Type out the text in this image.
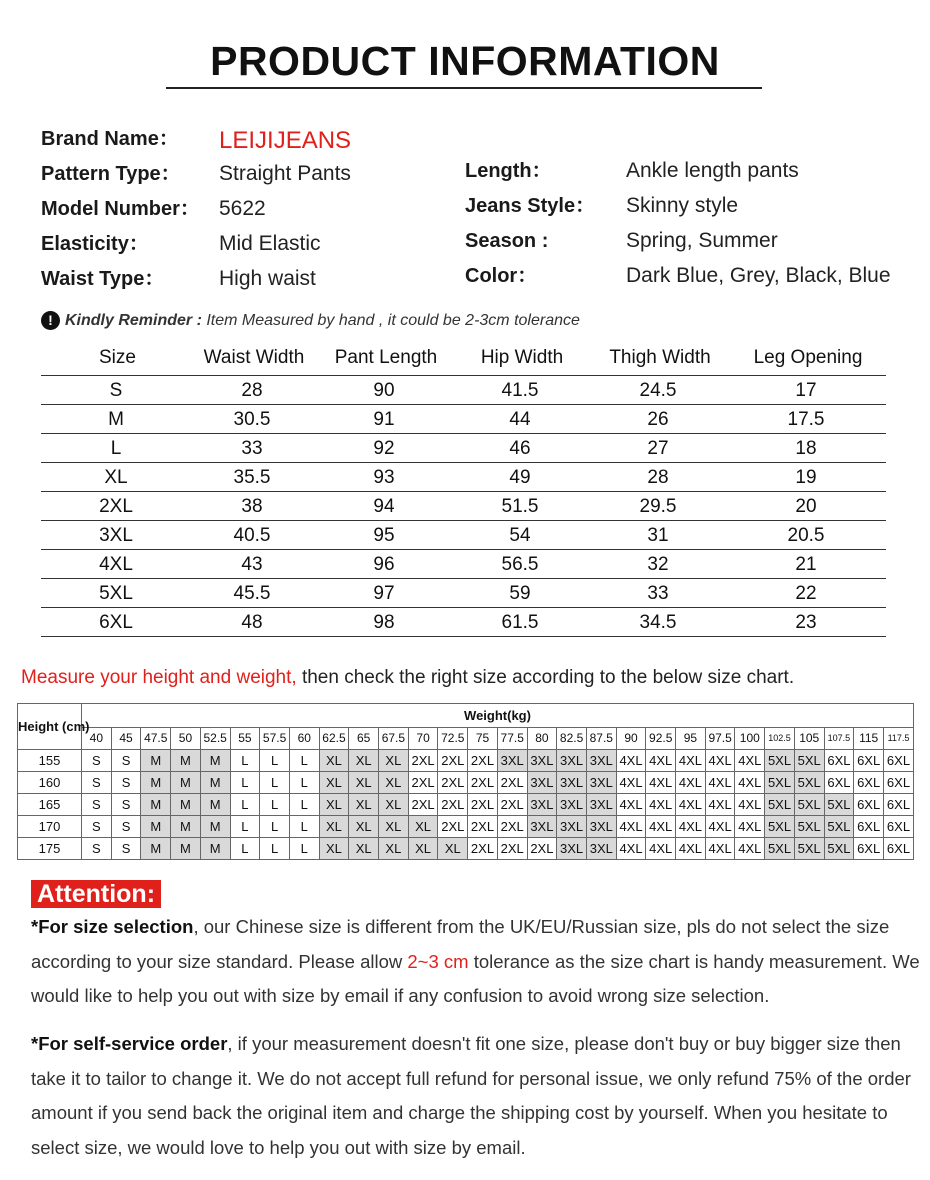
PRODUCT INFORMATION
Brand Name： LEIJIJEANS
Pattern Type： Straight Pants
Model Number： 5622
Elasticity：	Mid Elastic
Waist Type：	High waist
Length：	Ankle length pants
Jeans Style： Skinny style
Season :	Spring, Summer
Color：	Dark Blue, Grey, Black, Blue
! Kindly Reminder : Item Measured by hand , it could be 2-3cm tolerance
Size	Waist Width	Pant Length	Hip Width	Thigh Width	Leg Opening
S	28	90	41.5	24.5	17
M	30.5	91	44	26	17.5
L	33	92	46	27	18
XL	35.5	93	49	28	19
2XL	38	94	51.5	29.5	20
3XL	40.5	95	54	31	20.5
4XL	43	96	56.5	32	21
5XL	45.5	97	59	33	22
6XL	48	98	61.5	34.5	23
Measure your height and weight, then check the right size according to the below size chart.
Height (cm)	Weight(kg)																											
	40	45	47.5	50	52.5	55	57.5	60	62.5	65	67.5	70	72.5	75	77.5	80	82.5	87.5	90	92.5	95	97.5	100	102.5	105	107.5	115	117.5
155	S	S	M	M	M	L	L	L	XL	XL	XL	2XL	2XL	2XL	3XL	3XL	3XL	3XL	4XL	4XL	4XL	4XL	4XL	5XL	5XL	6XL	6XL	6XL
160	S	S	M	M	M	L	L	L	XL	XL	XL	2XL	2XL	2XL	2XL	3XL	3XL	3XL	4XL	4XL	4XL	4XL	4XL	5XL	5XL	6XL	6XL	6XL
165	S	S	M	M	M	L	L	L	XL	XL	XL	2XL	2XL	2XL	2XL	3XL	3XL	3XL	4XL	4XL	4XL	4XL	4XL	5XL	5XL	5XL	6XL	6XL
170	S	S	M	M	M	L	L	L	XL	XL	XL	XL	2XL	2XL	2XL	3XL	3XL	3XL	4XL	4XL	4XL	4XL	4XL	5XL	5XL	5XL	6XL	6XL
175	S	S	M	M	M	L	L	L	XL	XL	XL	XL	XL	2XL	2XL	2XL	3XL	3XL	4XL	4XL	4XL	4XL	4XL	5XL	5XL	5XL	6XL	6XL
Attention:
*For size selection, our Chinese size is different from the UK/EU/Russian size, pls do not select the size according to your size standard. Please allow 2~3 cm tolerance as the size chart is handy measurement. We would like to help you out with size by email if any confusion to avoid wrong size selection.
*For self-service order, if your measurement doesn't fit one size, please don't buy or buy bigger size then take it to tailor to change it. We do not accept full refund for personal issue, we only refund 75% of the order amount if you send back the original item and charge the shipping cost by yourself. When you hesitate to select size, we would love to help you out with size by email.
